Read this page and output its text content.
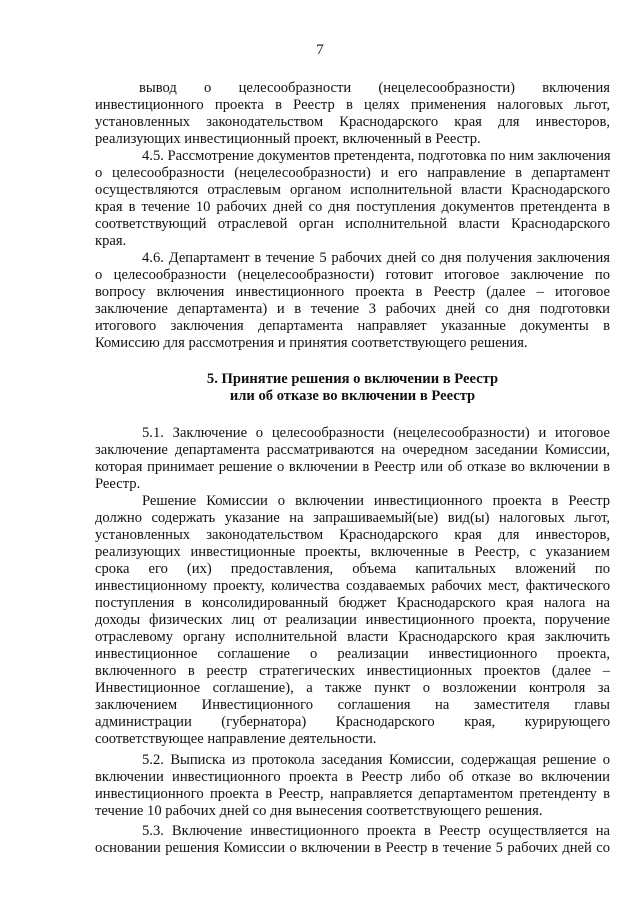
7
вывод о целесообразности (нецелесообразности) включения
инвестиционного проекта в Реестр в целях применения налоговых льгот,
установленных законодательством Краснодарского края для инвесторов,
реализующих инвестиционный проект, включенный в Реестр.
4.5. Рассмотрение документов претендента, подготовка по ним заключения
о целесообразности (нецелесообразности) и его направление в департамент
осуществляются отраслевым органом исполнительной власти Краснодарского
края в течение 10 рабочих дней со дня поступления документов претендента в
соответствующий отраслевой орган исполнительной власти Краснодарского
края.
4.6. Департамент в течение 5 рабочих дней со дня получения заключения
о целесообразности (нецелесообразности) готовит итоговое заключение по
вопросу включения инвестиционного проекта в Реестр (далее – итоговое
заключение департамента) и в течение 3 рабочих дней со дня подготовки
итогового заключения департамента направляет указанные документы в
Комиссию для рассмотрения и принятия соответствующего решения.
5. Принятие решения о включении в Реестр
или об отказе во включении в Реестр
5.1. Заключение о целесообразности (нецелесообразности) и итоговое
заключение департамента рассматриваются на очередном заседании Комиссии,
которая принимает решение о включении в Реестр или об отказе во включении в
Реестр.
Решение Комиссии о включении инвестиционного проекта в Реестр
должно содержать указание на запрашиваемый(ые) вид(ы) налоговых льгот,
установленных законодательством Краснодарского края для инвесторов,
реализующих инвестиционные проекты, включенные в Реестр, с указанием
срока его (их) предоставления, объема капитальных вложений по
инвестиционному проекту, количества создаваемых рабочих мест, фактического
поступления в консолидированный бюджет Краснодарского края налога на
доходы физических лиц от реализации инвестиционного проекта, поручение
отраслевому органу исполнительной власти Краснодарского края заключить
инвестиционное соглашение о реализации инвестиционного проекта,
включенного в реестр стратегических инвестиционных проектов (далее –
Инвестиционное соглашение), а также пункт о возложении контроля за
заключением Инвестиционного соглашения на заместителя главы
администрации (губернатора) Краснодарского края, курирующего
соответствующее направление деятельности.
5.2. Выписка из протокола заседания Комиссии, содержащая решение о
включении инвестиционного проекта в Реестр либо об отказе во включении
инвестиционного проекта в Реестр, направляется департаментом претенденту в
течение 10 рабочих дней со дня вынесения соответствующего решения.
5.3. Включение инвестиционного проекта в Реестр осуществляется на
основании решения Комиссии о включении в Реестр в течение 5 рабочих дней со
